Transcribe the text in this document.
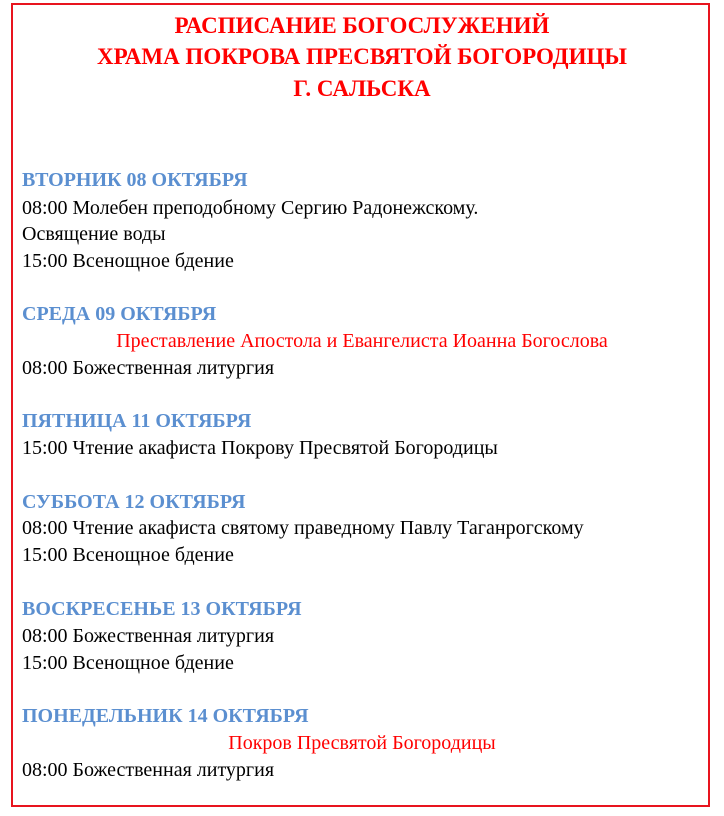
РАСПИСАНИЕ БОГОСЛУЖЕНИЙ
ХРАМА ПОКРОВА ПРЕСВЯТОЙ БОГОРОДИЦЫ
Г. САЛЬСКА
ВТОРНИК 08 ОКТЯБРЯ
08:00 Молебен преподобному Сергию Радонежскому.
Освящение воды
15:00 Всенощное бдение
СРЕДА 09 ОКТЯБРЯ
Преставление Апостола и Евангелиста Иоанна Богослова
08:00 Божественная литургия
ПЯТНИЦА 11 ОКТЯБРЯ
15:00 Чтение акафиста Покрову Пресвятой Богородицы
СУББОТА 12 ОКТЯБРЯ
08:00 Чтение акафиста святому праведному Павлу Таганрогскому
15:00 Всенощное бдение
ВОСКРЕСЕНЬЕ 13 ОКТЯБРЯ
08:00 Божественная литургия
15:00 Всенощное бдение
ПОНЕДЕЛЬНИК 14 ОКТЯБРЯ
Покров Пресвятой Богородицы
08:00 Божественная литургия
